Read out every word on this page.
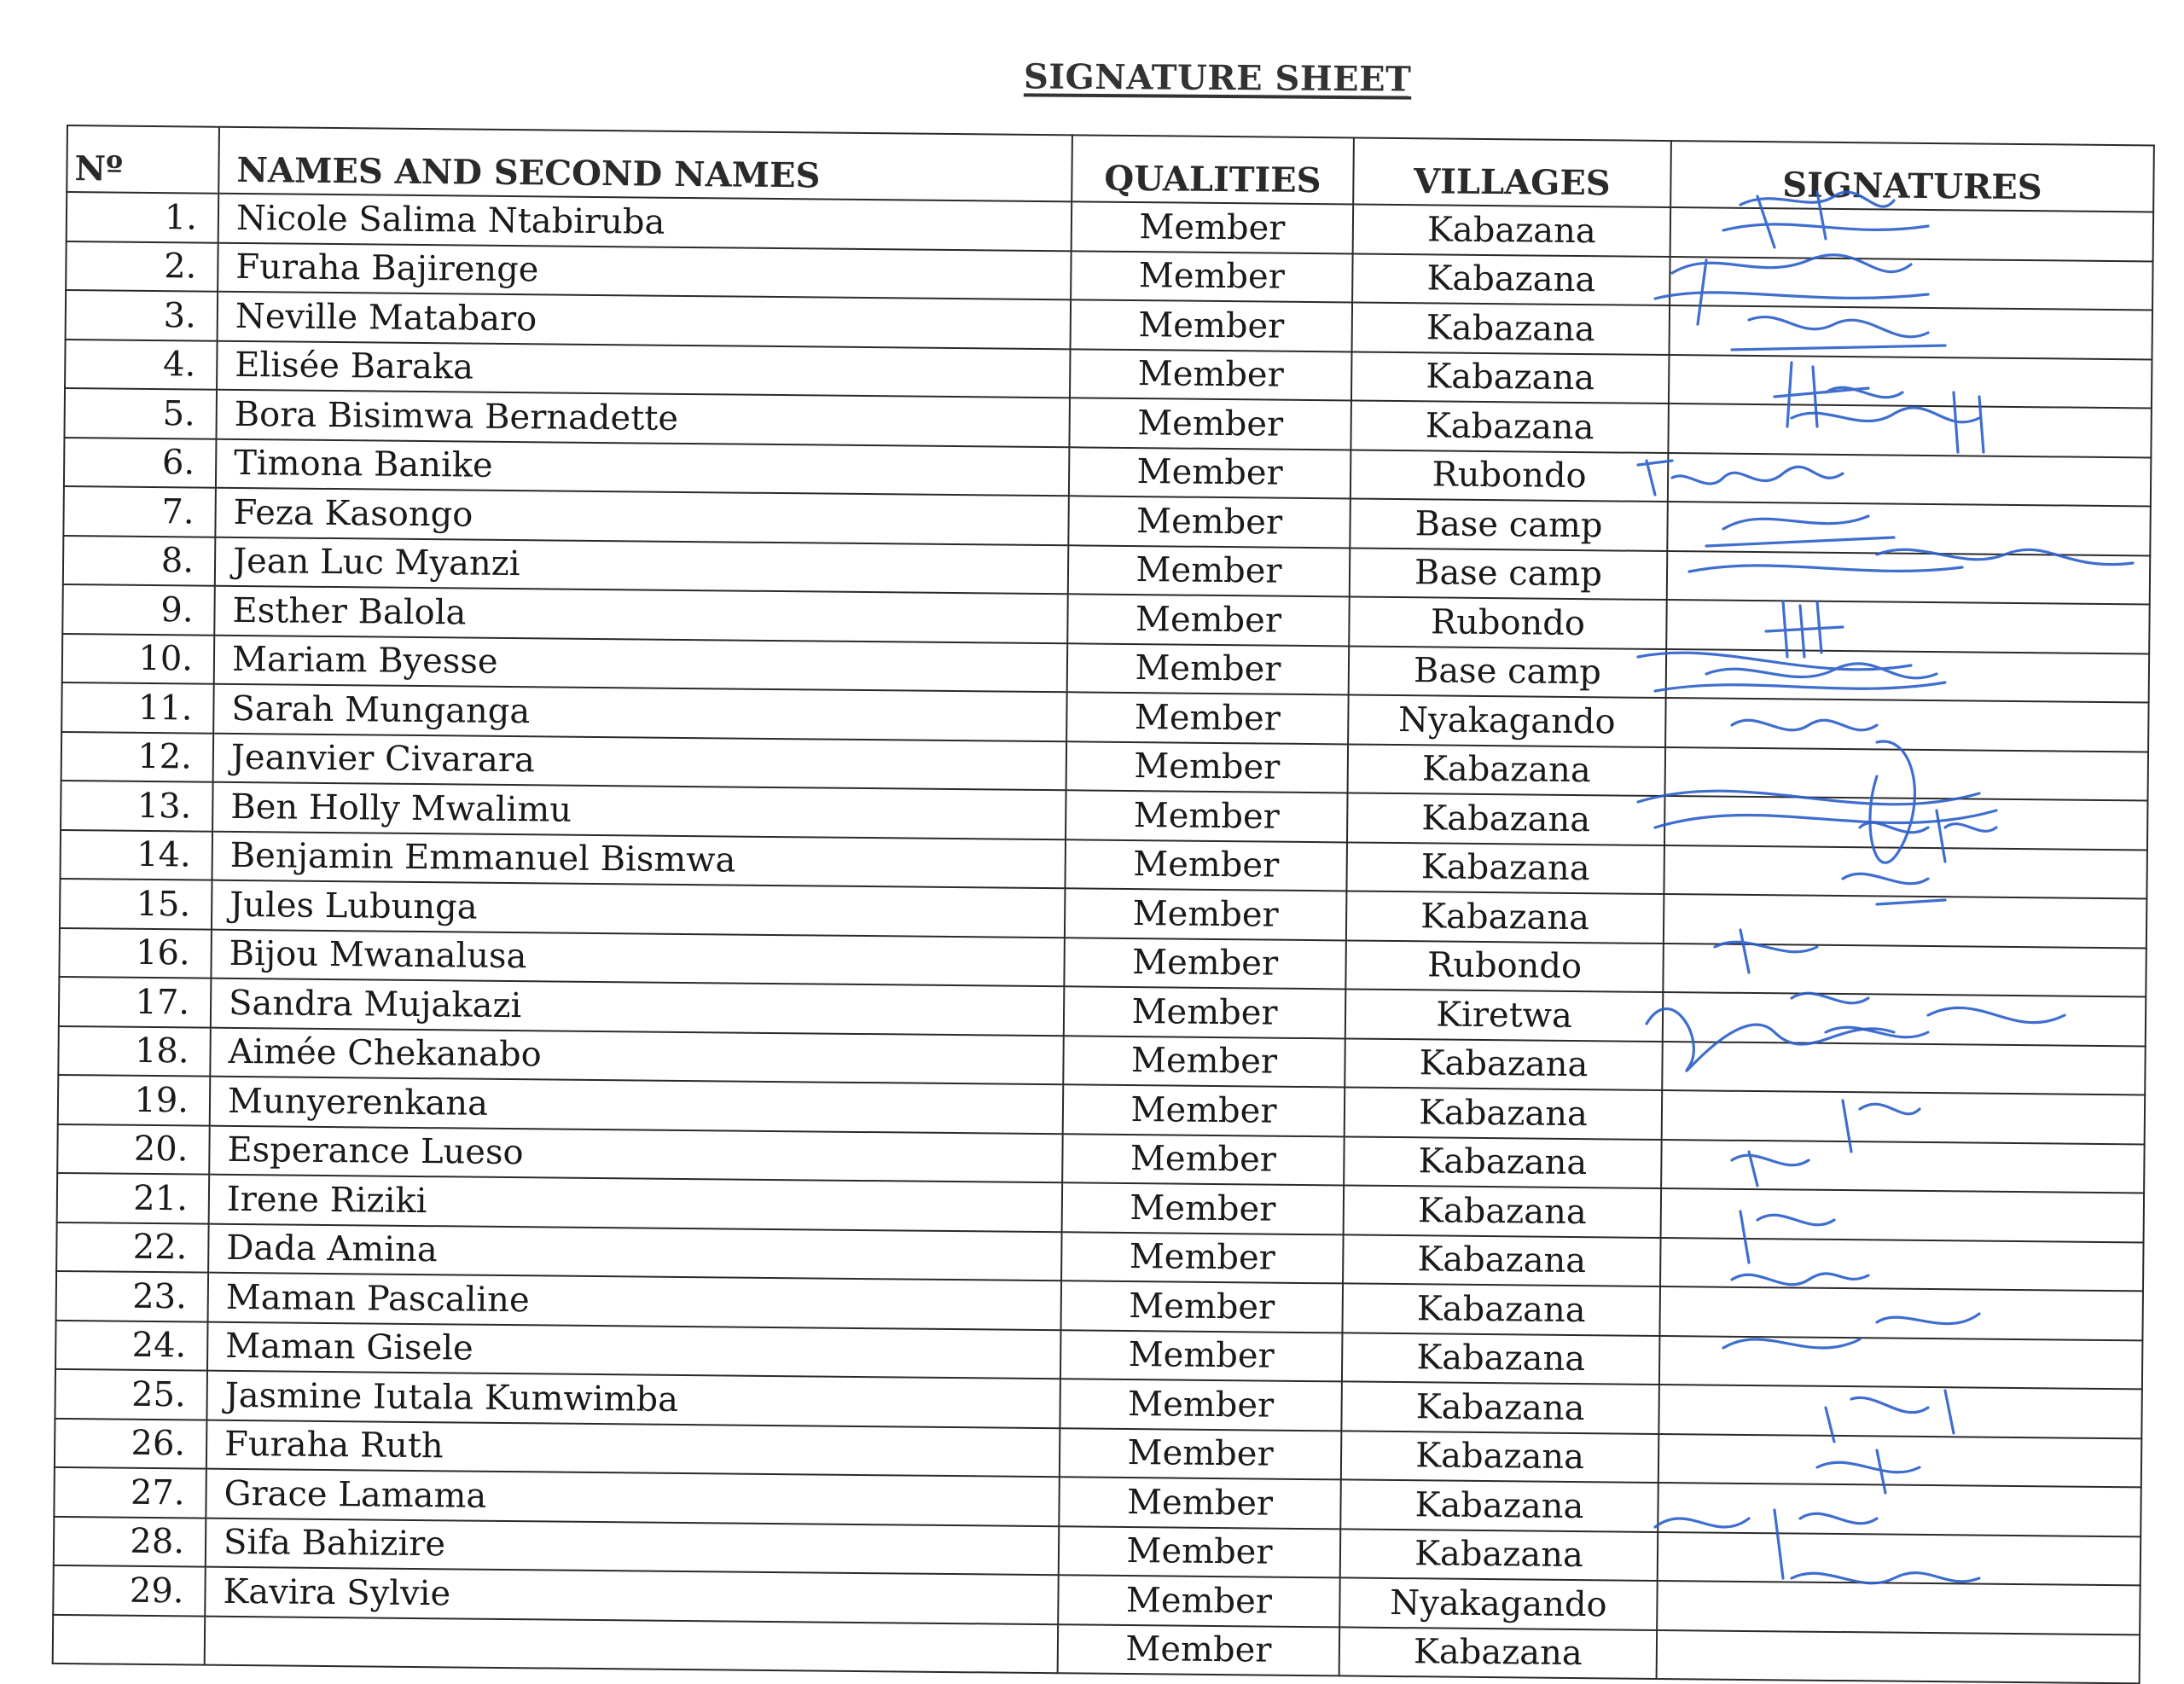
SIGNATURE SHEET
Nº	NAMES AND SECOND NAMES	QUALITIES	VILLAGES	SIGNATURES
1.	Nicole Salima Ntabiruba	Member	Kabazana	
2.	Furaha Bajirenge	Member	Kabazana	
3.	Neville Matabaro	Member	Kabazana	
4.	Elisée Baraka	Member	Kabazana	
5.	Bora Bisimwa Bernadette	Member	Kabazana	
6.	Timona Banike	Member	Rubondo	
7.	Feza Kasongo	Member	Base camp	
8.	Jean Luc Myanzi	Member	Base camp	
9.	Esther Balola	Member	Rubondo	
10.	Mariam Byesse	Member	Base camp	
11.	Sarah Munganga	Member	Nyakagando	
12.	Jeanvier Civarara	Member	Kabazana	
13.	Ben Holly Mwalimu	Member	Kabazana	
14.	Benjamin Emmanuel Bismwa	Member	Kabazana	
15.	Jules Lubunga	Member	Kabazana	
16.	Bijou Mwanalusa	Member	Rubondo	
17.	Sandra Mujakazi	Member	Kiretwa	
18.	Aimée Chekanabo	Member	Kabazana	
19.	Munyerenkana	Member	Kabazana	
20.	Esperance Lueso	Member	Kabazana	
21.	Irene Riziki	Member	Kabazana	
22.	Dada Amina	Member	Kabazana	
23.	Maman Pascaline	Member	Kabazana	
24.	Maman Gisele	Member	Kabazana	
25.	Jasmine Iutala Kumwimba	Member	Kabazana	
26.	Furaha Ruth	Member	Kabazana	
27.	Grace Lamama	Member	Kabazana	
28.	Sifa Bahizire	Member	Kabazana	
29.	Kavira Sylvie	Member	Nyakagando	
		Member	Kabazana	
